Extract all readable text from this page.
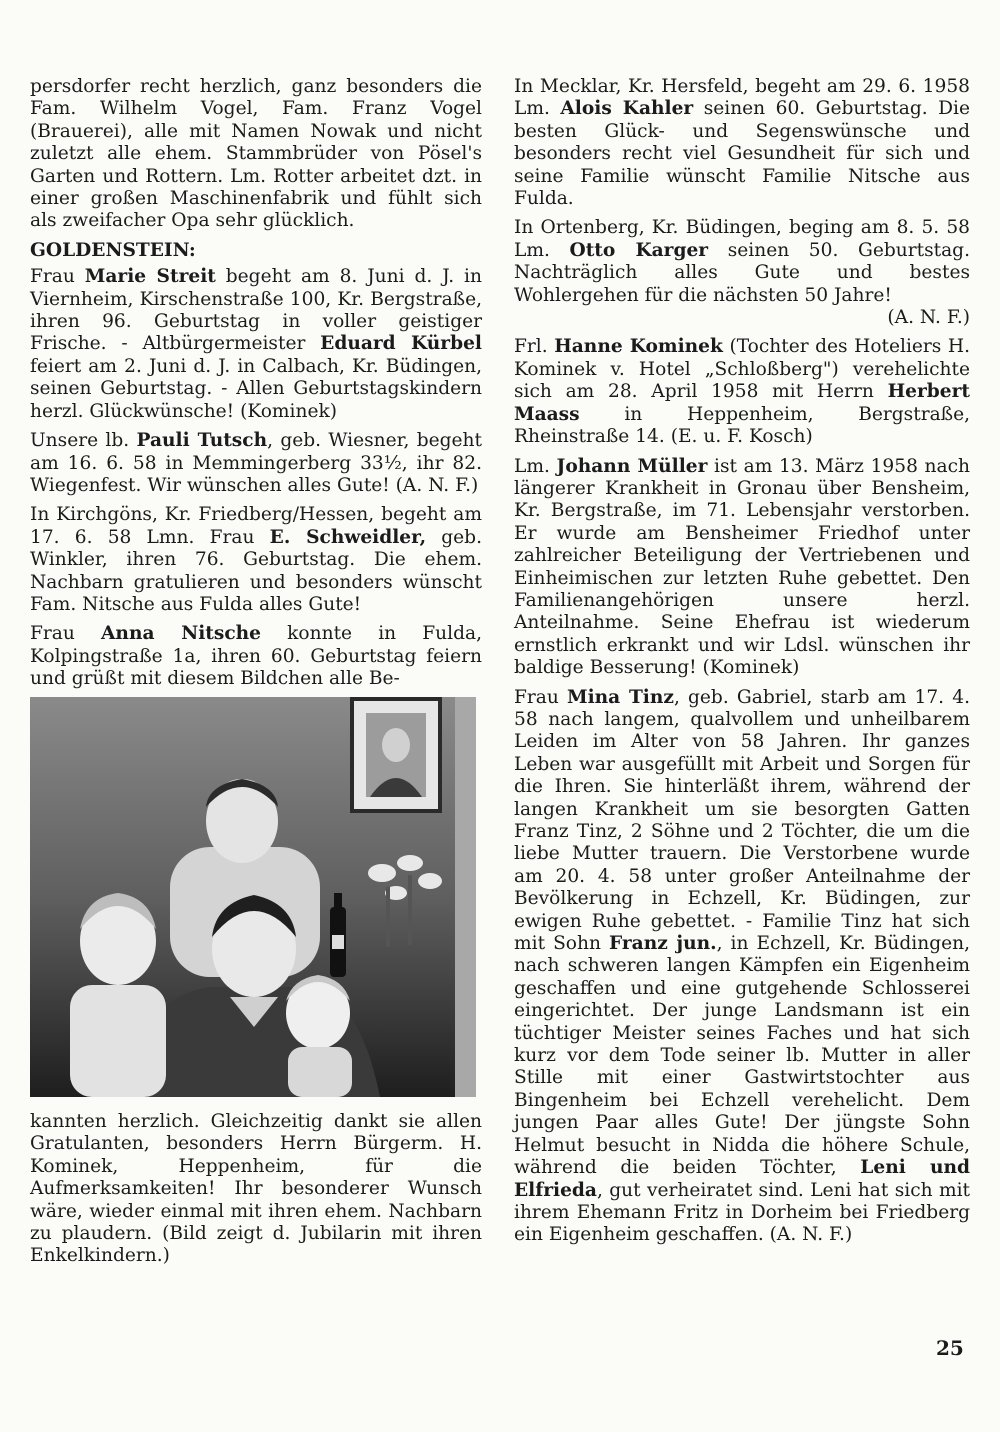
persdorfer recht herzlich, ganz besonders die Fam. Wilhelm Vogel, Fam. Franz Vogel (Brauerei), alle mit Namen Nowak und nicht zuletzt alle ehem. Stammbrüder von Pösel's Garten und Rottern. Lm. Rotter arbeitet dzt. in einer großen Maschinenfabrik und fühlt sich als zweifacher Opa sehr glücklich.

GOLDENSTEIN:

Frau Marie Streit begeht am 8. Juni d. J. in Viernheim, Kirschenstraße 100, Kr. Bergstraße, ihren 96. Geburtstag in voller geistiger Frische. - Altbürgermeister Eduard Kürbel feiert am 2. Juni d. J. in Calbach, Kr. Büdingen, seinen Geburtstag. - Allen Geburtstagskindern herzl. Glückwünsche! (Kominek)

Unsere lb. Pauli Tutsch, geb. Wiesner, begeht am 16. 6. 58 in Memmingerberg 33½, ihr 82. Wiegenfest. Wir wünschen alles Gute! (A. N. F.)

In Kirchgöns, Kr. Friedberg/Hessen, begeht am 17. 6. 58 Lmn. Frau E. Schweidler, geb. Winkler, ihren 76. Geburtstag. Die ehem. Nachbarn gratulieren und besonders wünscht Fam. Nitsche aus Fulda alles Gute!

Frau Anna Nitsche konnte in Fulda, Kolpingstraße 1a, ihren 60. Geburtstag feiern und grüßt mit diesem Bildchen alle Be-

kannten herzlich. Gleichzeitig dankt sie allen Gratulanten, besonders Herrn Bürgerm. H. Kominek, Heppenheim, für die Aufmerksamkeiten! Ihr besonderer Wunsch wäre, wieder einmal mit ihren ehem. Nachbarn zu plaudern. (Bild zeigt d. Jubilarin mit ihren Enkelkindern.)

In Mecklar, Kr. Hersfeld, begeht am 29. 6. 1958 Lm. Alois Kahler seinen 60. Geburtstag. Die besten Glück- und Segenswünsche und besonders recht viel Gesundheit für sich und seine Familie wünscht Familie Nitsche aus Fulda.

In Ortenberg, Kr. Büdingen, beging am 8. 5. 58 Lm. Otto Karger seinen 50. Geburtstag. Nachträglich alles Gute und bestes Wohlergehen für die nächsten 50 Jahre!

(A. N. F.)

Frl. Hanne Kominek (Tochter des Hoteliers H. Kominek v. Hotel „Schloßberg") verehelichte sich am 28. April 1958 mit Herrn Herbert Maass in Heppenheim, Bergstraße, Rheinstraße 14. (E. u. F. Kosch)

Lm. Johann Müller ist am 13. März 1958 nach längerer Krankheit in Gronau über Bensheim, Kr. Bergstraße, im 71. Lebensjahr verstorben. Er wurde am Bensheimer Friedhof unter zahlreicher Beteiligung der Vertriebenen und Einheimischen zur letzten Ruhe gebettet. Den Familienangehörigen unsere herzl. Anteilnahme. Seine Ehefrau ist wiederum ernstlich erkrankt und wir Ldsl. wünschen ihr baldige Besserung! (Kominek)

Frau Mina Tinz, geb. Gabriel, starb am 17. 4. 58 nach langem, qualvollem und unheilbarem Leiden im Alter von 58 Jahren. Ihr ganzes Leben war ausgefüllt mit Arbeit und Sorgen für die Ihren. Sie hinterläßt ihrem, während der langen Krankheit um sie besorgten Gatten Franz Tinz, 2 Söhne und 2 Töchter, die um die liebe Mutter trauern. Die Verstorbene wurde am 20. 4. 58 unter großer Anteilnahme der Bevölkerung in Echzell, Kr. Büdingen, zur ewigen Ruhe gebettet. - Familie Tinz hat sich mit Sohn Franz jun., in Echzell, Kr. Büdingen, nach schweren langen Kämpfen ein Eigenheim geschaffen und eine gutgehende Schlosserei eingerichtet. Der junge Landsmann ist ein tüchtiger Meister seines Faches und hat sich kurz vor dem Tode seiner lb. Mutter in aller Stille mit einer Gastwirtstochter aus Bingenheim bei Echzell verehelicht. Dem jungen Paar alles Gute! Der jüngste Sohn Helmut besucht in Nidda die höhere Schule, während die beiden Töchter, Leni und Elfrieda, gut verheiratet sind. Leni hat sich mit ihrem Ehemann Fritz in Dorheim bei Friedberg ein Eigenheim geschaffen. (A. N. F.)

25
